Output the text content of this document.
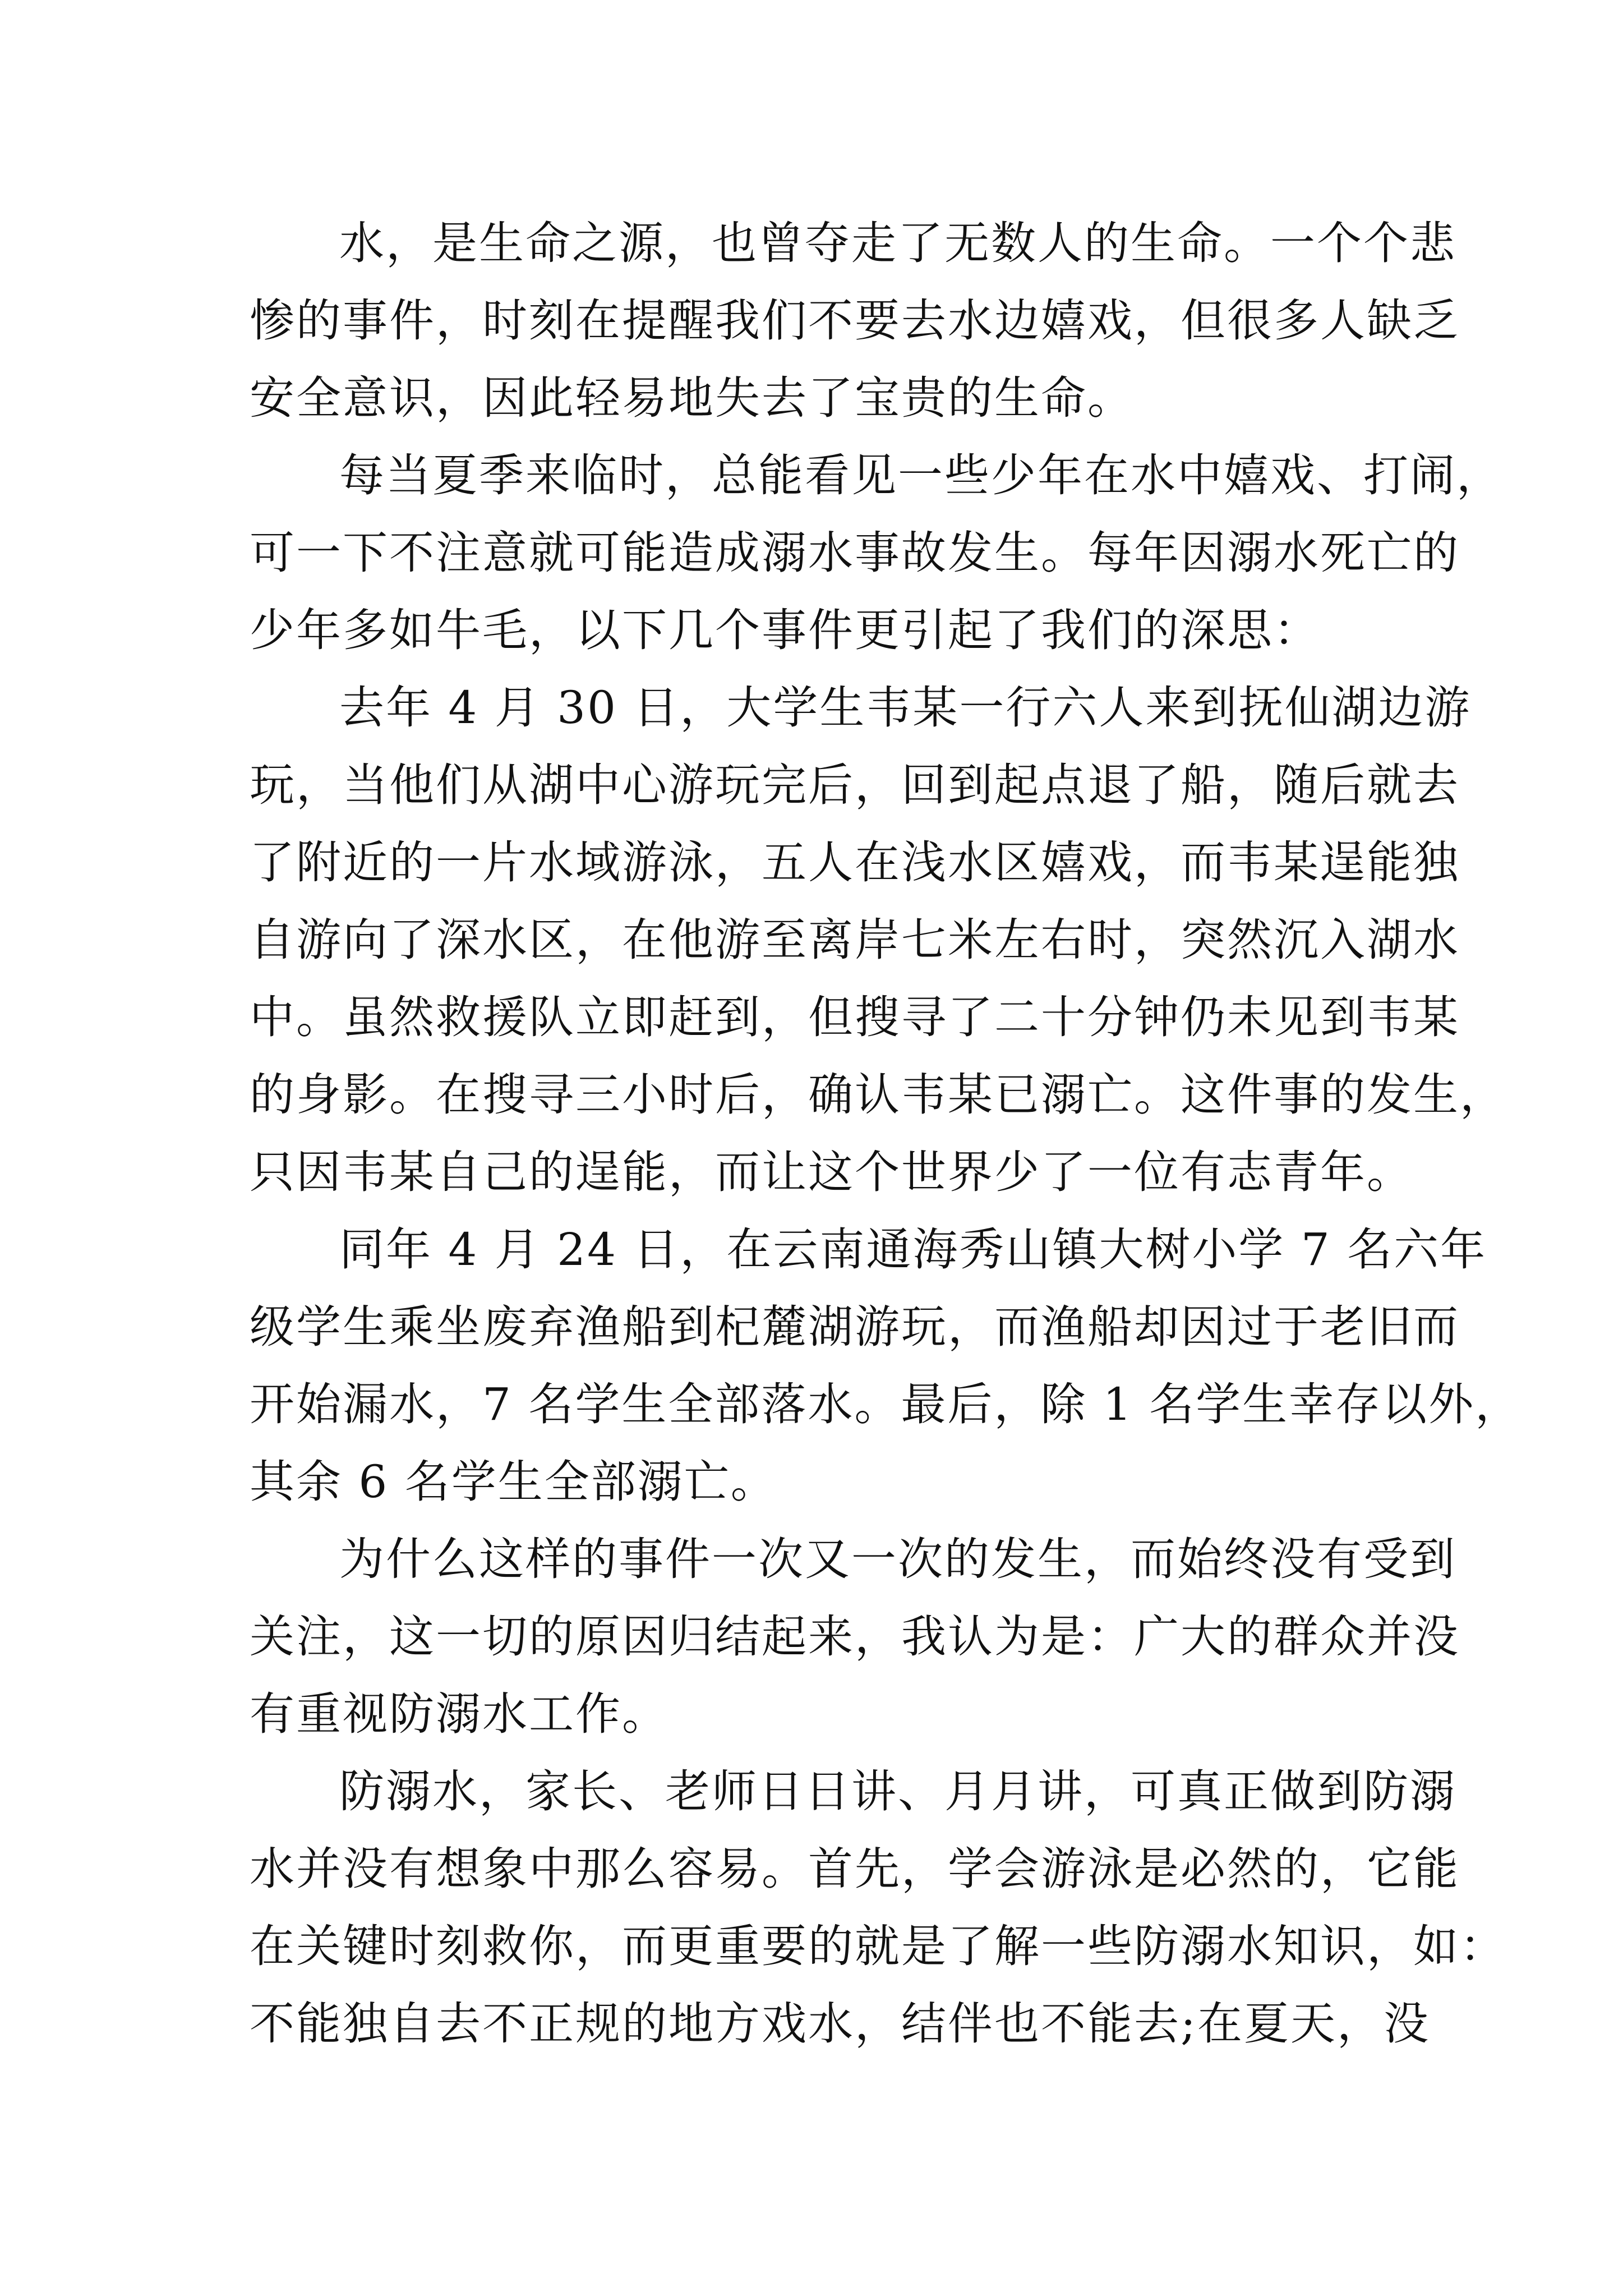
水，是生命之源，也曾夺走了无数人的生命。一个个悲
惨的事件，时刻在提醒我们不要去水边嬉戏，但很多人缺乏
安全意识，因此轻易地失去了宝贵的生命。
每当夏季来临时，总能看见一些少年在水中嬉戏、打闹，
可一下不注意就可能造成溺水事故发生。每年因溺水死亡的
少年多如牛毛，以下几个事件更引起了我们的深思：
去年 4 月 30 日，大学生韦某一行六人来到抚仙湖边游
玩，当他们从湖中心游玩完后，回到起点退了船，随后就去
了附近的一片水域游泳，五人在浅水区嬉戏，而韦某逞能独
自游向了深水区，在他游至离岸七米左右时，突然沉入湖水
中。虽然救援队立即赶到，但搜寻了二十分钟仍未见到韦某
的身影。在搜寻三小时后，确认韦某已溺亡。这件事的发生，
只因韦某自己的逞能，而让这个世界少了一位有志青年。
同年 4 月 24 日，在云南通海秀山镇大树小学 7 名六年
级学生乘坐废弃渔船到杞麓湖游玩，而渔船却因过于老旧而
开始漏水，7 名学生全部落水。最后，除 1 名学生幸存以外，
其余 6 名学生全部溺亡。
为什么这样的事件一次又一次的发生，而始终没有受到
关注，这一切的原因归结起来，我认为是：广大的群众并没
有重视防溺水工作。
防溺水，家长、老师日日讲、月月讲，可真正做到防溺
水并没有想象中那么容易。首先，学会游泳是必然的，它能
在关键时刻救你，而更重要的就是了解一些防溺水知识，如：
不能独自去不正规的地方戏水，结伴也不能去;在夏天，没
